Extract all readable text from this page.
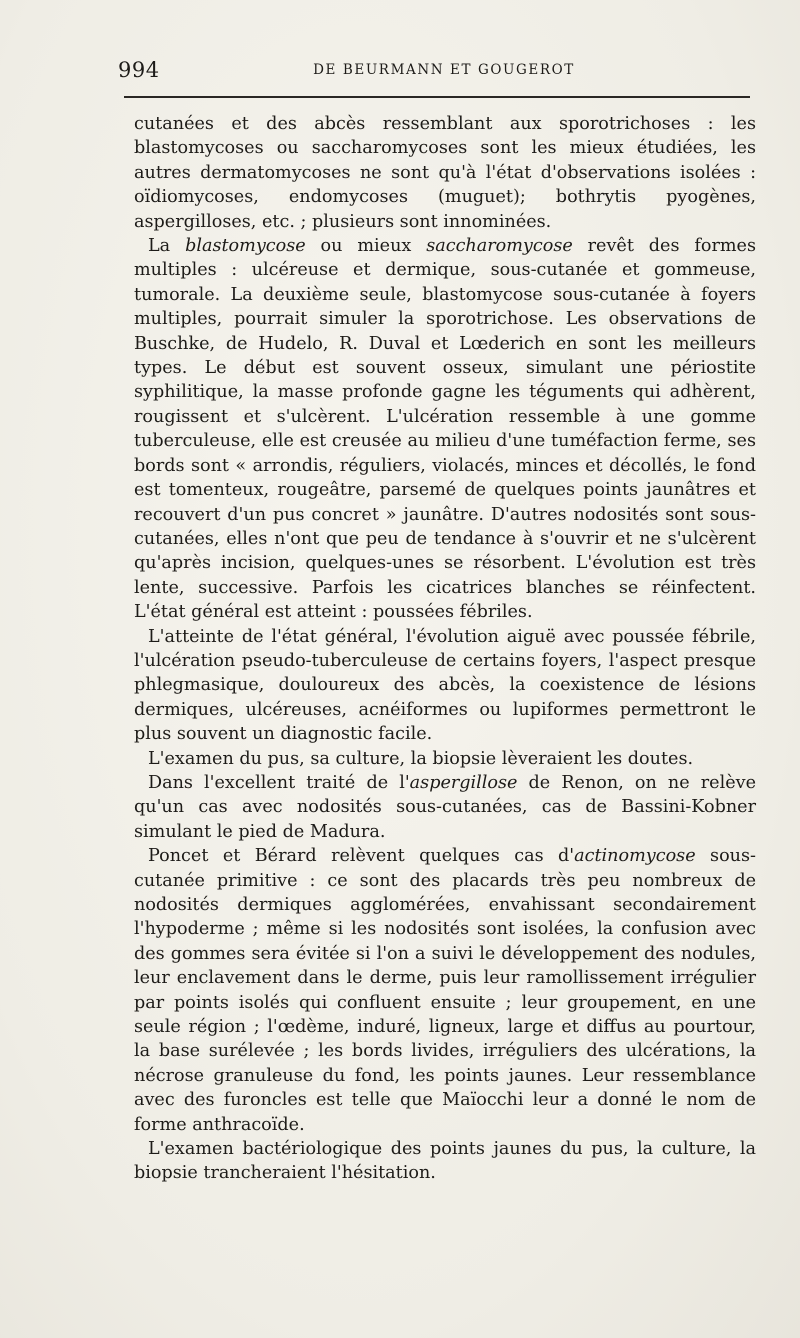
994	DE BEURMANN ET GOUGEROT

cutanées et des abcès ressemblant aux sporotrichoses : les blastomycoses ou saccharomycoses sont les mieux étudiées, les autres dermatomycoses ne sont qu'à l'état d'observations isolées : oïdiomycoses, endomycoses (muguet); bothrytis pyogènes, aspergilloses, etc. ; plusieurs sont innominées.

La blastomycose ou mieux saccharomycose revêt des formes multiples : ulcéreuse et dermique, sous-cutanée et gommeuse, tumorale. La deuxième seule, blastomycose sous-cutanée à foyers multiples, pourrait simuler la sporotrichose. Les observations de Buschke, de Hudelo, R. Duval et Lœderich en sont les meilleurs types. Le début est souvent osseux, simulant une périostite syphilitique, la masse profonde gagne les téguments qui adhèrent, rougissent et s'ulcèrent. L'ulcération ressemble à une gomme tuberculeuse, elle est creusée au milieu d'une tuméfaction ferme, ses bords sont « arrondis, réguliers, violacés, minces et décollés, le fond est tomenteux, rougeâtre, parsemé de quelques points jaunâtres et recouvert d'un pus concret » jaunâtre. D'autres nodosités sont sous-cutanées, elles n'ont que peu de tendance à s'ouvrir et ne s'ulcèrent qu'après incision, quelques-unes se résorbent. L'évolution est très lente, successive. Parfois les cicatrices blanches se réinfectent. L'état général est atteint : poussées fébriles.

L'atteinte de l'état général, l'évolution aiguë avec poussée fébrile, l'ulcération pseudo-tuberculeuse de certains foyers, l'aspect presque phlegmasique, douloureux des abcès, la coexistence de lésions dermiques, ulcéreuses, acnéiformes ou lupiformes permettront le plus souvent un diagnostic facile.

L'examen du pus, sa culture, la biopsie lèveraient les doutes.

Dans l'excellent traité de l'aspergillose de Renon, on ne relève qu'un cas avec nodosités sous-cutanées, cas de Bassini-Kobner simulant le pied de Madura.

Poncet et Bérard relèvent quelques cas d'actinomycose sous-cutanée primitive : ce sont des placards très peu nombreux de nodosités dermiques agglomérées, envahissant secondairement l'hypoderme ; même si les nodosités sont isolées, la confusion avec des gommes sera évitée si l'on a suivi le développement des nodules, leur enclavement dans le derme, puis leur ramollissement irrégulier par points isolés qui confluent ensuite ; leur groupement, en une seule région ; l'œdème, induré, ligneux, large et diffus au pourtour, la base surélevée ; les bords livides, irréguliers des ulcérations, la nécrose granuleuse du fond, les points jaunes. Leur ressemblance avec des furoncles est telle que Maïocchi leur a donné le nom de forme anthracoïde.

L'examen bactériologique des points jaunes du pus, la culture, la biopsie trancheraient l'hésitation.
